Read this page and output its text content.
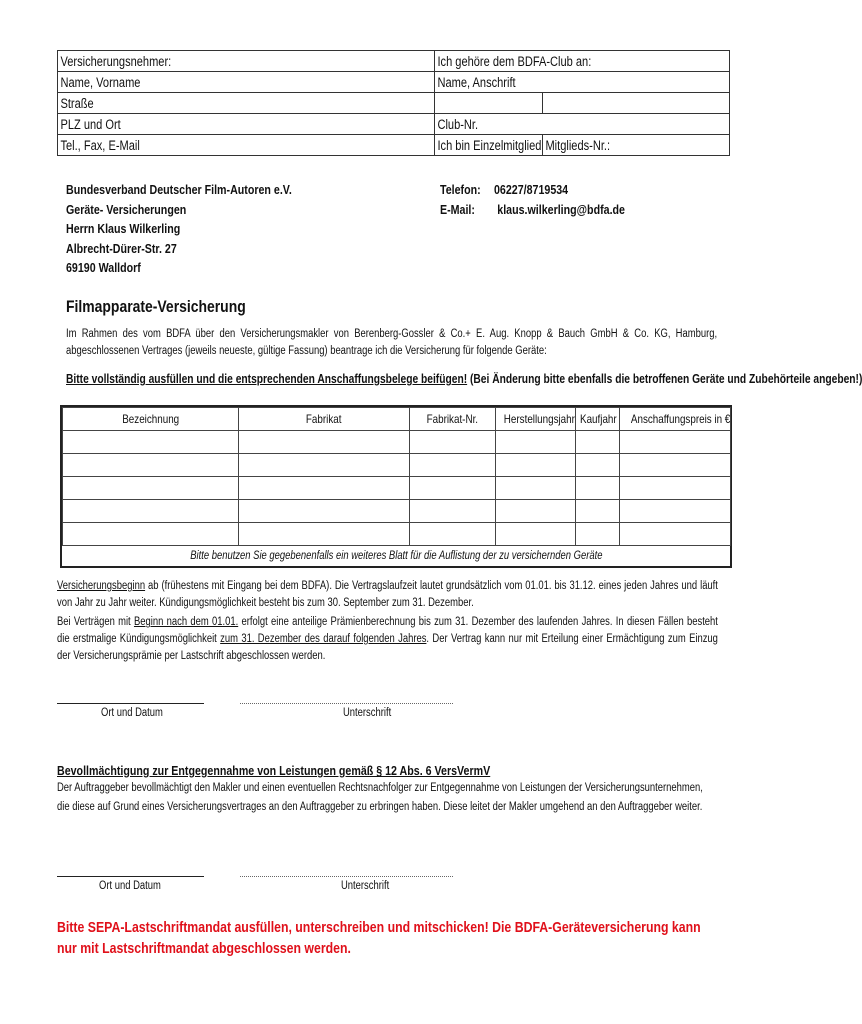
Versicherungsnehmer:	Ich gehöre dem BDFA-Club an:	
Name, Vorname	Name, Anschrift	
Straße		
PLZ und Ort	Club-Nr.	
Tel., Fax, E-Mail	Ich bin Einzelmitglied	Mitglieds-Nr.:
Bundesverband Deutscher Film-Autoren e.V.
Geräte- Versicherungen
Herrn Klaus Wilkerling
Albrecht-Dürer-Str. 27
69190 Walldorf
Telefon:
E-Mail:
06227/8719534
klaus.wilkerling@bdfa.de
Filmapparate-Versicherung
Im Rahmen des vom BDFA über den Versicherungsmakler von Berenberg-Gossler & Co.+ E. Aug. Knopp & Bauch GmbH & Co. KG, Hamburg, abgeschlossenen Vertrages (jeweils neueste, gültige Fassung) beantrage ich die Versicherung für folgende Geräte:
Bitte vollständig ausfüllen und die entsprechenden Anschaffungsbelege beifügen! (Bei Änderung bitte ebenfalls die betroffenen Geräte und Zubehörteile angeben!)
Bezeichnung	Fabrikat	Fabrikat-Nr.	Herstellungsjahr	Kaufjahr	Anschaffungspreis in €

Bitte benutzen Sie gegebenenfalls ein weiteres Blatt für die Auflistung der zu versichernden Geräte					
Versicherungsbeginn ab (frühestens mit Eingang bei dem BDFA). Die Vertragslaufzeit lautet grundsätzlich vom 01.01. bis 31.12. eines jeden Jahres und läuft von Jahr zu Jahr weiter. Kündigungsmöglichkeit besteht bis zum 30. September zum 31. Dezember.
Bei Verträgen mit Beginn nach dem 01.01. erfolgt eine anteilige Prämienberechnung bis zum 31. Dezember des laufenden Jahres. In diesen Fällen besteht die erstmalige Kündigungsmöglichkeit zum 31. Dezember des darauf folgenden Jahres. Der Vertrag kann nur mit Erteilung einer Ermächtigung zum Einzug der Versicherungsprämie per Lastschrift abgeschlossen werden.
Ort und Datum	Unterschrift
Bevollmächtigung zur Entgegennahme von Leistungen gemäß § 12 Abs. 6 VersVermV
Der Auftraggeber bevollmächtigt den Makler und einen eventuellen Rechtsnachfolger zur Entgegennahme von Leistungen der Versicherungsunternehmen, die diese auf Grund eines Versicherungsvertrages an den Auftraggeber zu erbringen haben. Diese leitet der Makler umgehend an den Auftraggeber weiter.
Ort und Datum	Unterschrift
Bitte SEPA-Lastschriftmandat ausfüllen, unterschreiben und mitschicken! Die BDFA-Geräteversicherung kann nur mit Lastschriftmandat abgeschlossen werden.
